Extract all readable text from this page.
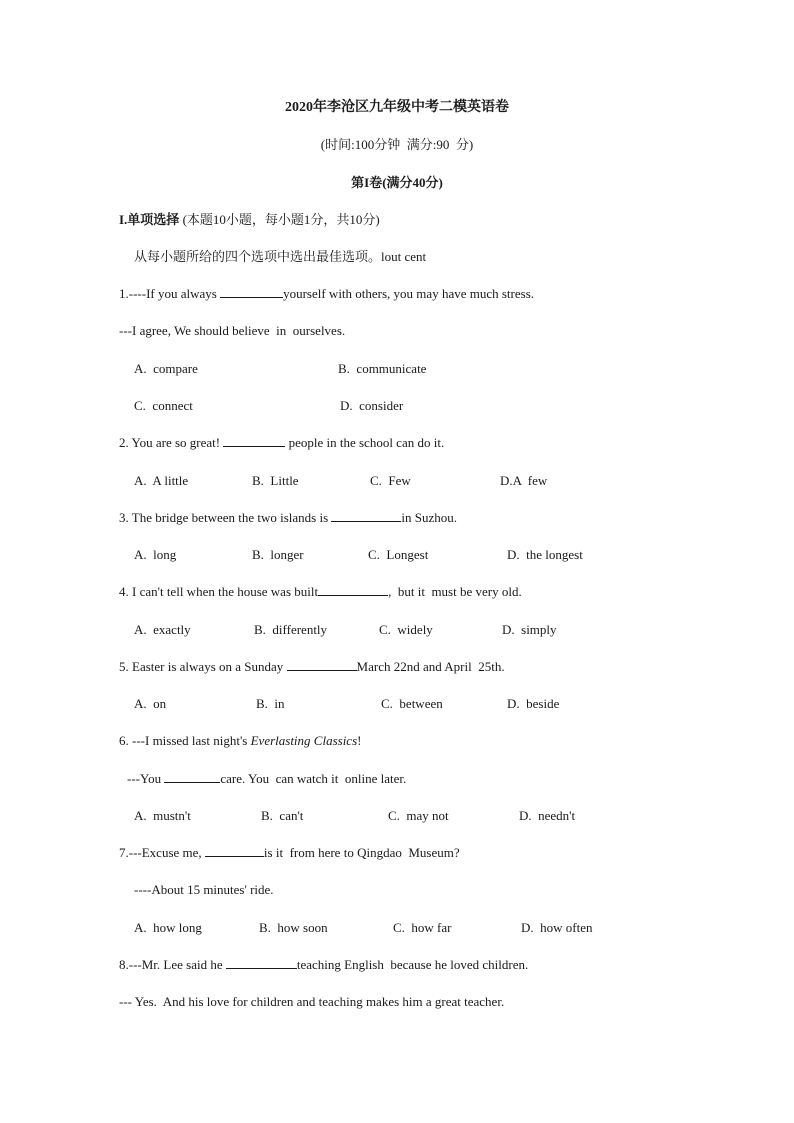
2020年李沧区九年级中考二模英语卷
(时间:100分钟  满分:90  分)
第I卷(满分40分)
I.单项选择 (本题10小题，每小题1分，共10分)
从每小题所给的四个选项中选出最佳选项。lout cent
1.----If you always	yourself with others, you may have much stress.
---I agree, We should believe  in  ourselves.
A.  compare	B.  communicate
C.  connect	D.  consider
2. You are so great!	people in the school can do it.
A.  A little	B.  Little	C.  Few	D.A  few
3. The bridge between the two islands is	in Suzhou.
A.  long	B.  longer	C.  Longest	D.  the longest
4. I can't tell when the house was built	,  but it  must be very old.
A.  exactly	B.  differently	C.  widely	D.  simply
5. Easter is always on a Sunday	March 22nd and April  25th.
A.  on	B.  in	C.  between	D.  beside
6. ---I missed last night's Everlasting Classics!
---You	care. You  can watch it  online later.
A.  mustn't	B.  can't	C.  may not	D.  needn't
7.---Excuse me,	is it  from here to Qingdao  Museum?
----About 15 minutes' ride.
A.  how long	B.  how soon	C.  how far	D.  how often
8.---Mr. Lee said he	teaching English  because he loved children.
--- Yes.  And his love for children and teaching makes him a great teacher.
